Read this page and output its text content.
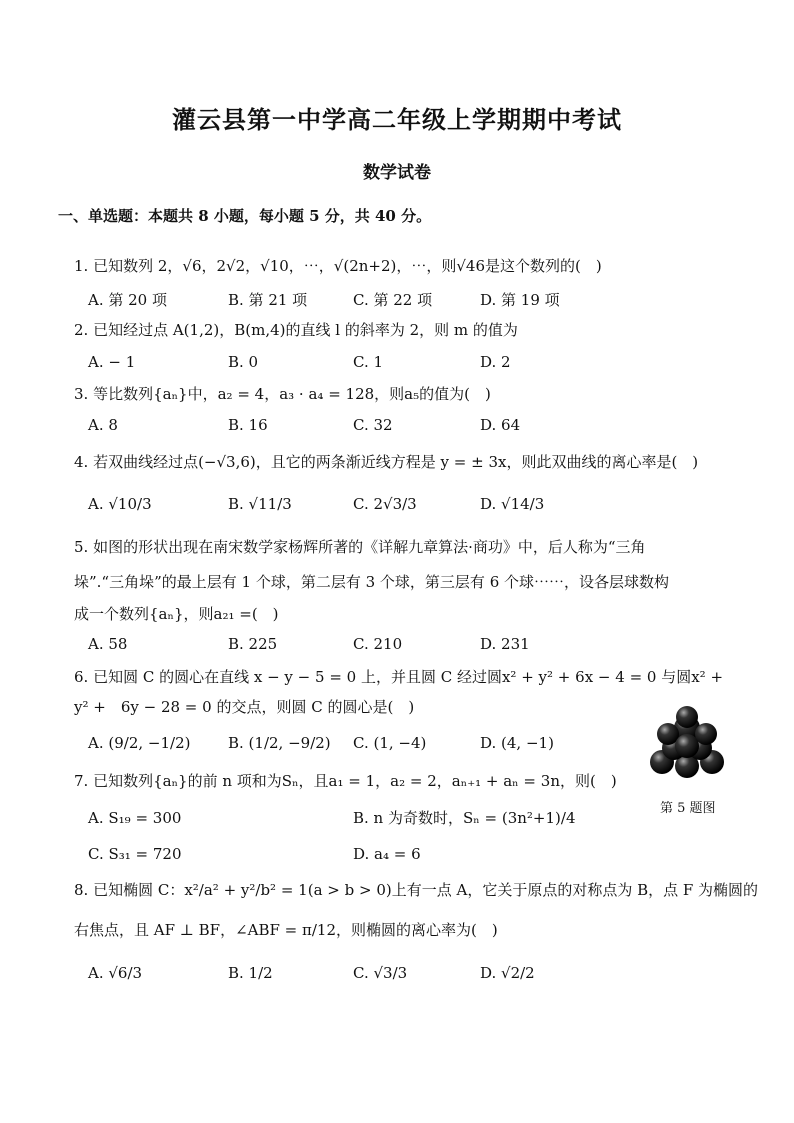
灌云县第一中学高二年级上学期期中考试
数学试卷
一、单选题：本题共 8 小题，每小题 5 分，共 40 分。
1. 已知数列 2，√6，2√2，√10，⋯，√(2n+2)，⋯，则√46是这个数列的(　)
A. 第 20 项	B. 第 21 项	C. 第 22 项	D. 第 19 项
2. 已知经过点 A(1,2)，B(m,4)的直线 l 的斜率为 2，则 m 的值为
A. − 1	B. 0	C. 1	D. 2
3. 等比数列{aₙ}中，a₂ = 4，a₃ · a₄ = 128，则a₅的值为(　)
A. 8	B. 16	C. 32	D. 64
4. 若双曲线经过点(−√3,6)，且它的两条渐近线方程是 y = ± 3x，则此双曲线的离心率是(　)
A. √10/3	B. √11/3	C. 2√3/3	D. √14/3
5. 如图的形状出现在南宋数学家杨辉所著的《详解九章算法·商功》中，后人称为“三角
垛”.“三角垛”的最上层有 1 个球，第二层有 3 个球，第三层有 6 个球⋯⋯，设各层球数构
成一个数列{aₙ}，则a₂₁ =(　)
A. 58	B. 225	C. 210	D. 231
6. 已知圆 C 的圆心在直线 x − y − 5 = 0 上，并且圆 C 经过圆x² + y² + 6x − 4 = 0 与圆x² +
y² +　6y − 28 = 0 的交点，则圆 C 的圆心是(　)
A. (9/2, −1/2)	B. (1/2, −9/2) C. (1, −4)	D. (4, −1)
7. 已知数列{aₙ}的前 n 项和为Sₙ，且a₁ = 1，a₂ = 2，aₙ₊₁ + aₙ = 3n，则(　)
A. S₁₉ = 300	B. n 为奇数时，Sₙ = (3n²+1)/4
C. S₃₁ = 720	D. a₄ = 6
8. 已知椭圆 C：x²/a² + y²/b² = 1(a > b > 0)上有一点 A，它关于原点的对称点为 B，点 F 为椭圆的
右焦点，且 AF ⊥ BF，∠ABF = π/12，则椭圆的离心率为(　)
A. √6/3	B. 1/2	C. √3/3	D. √2/2
第 5 题图
